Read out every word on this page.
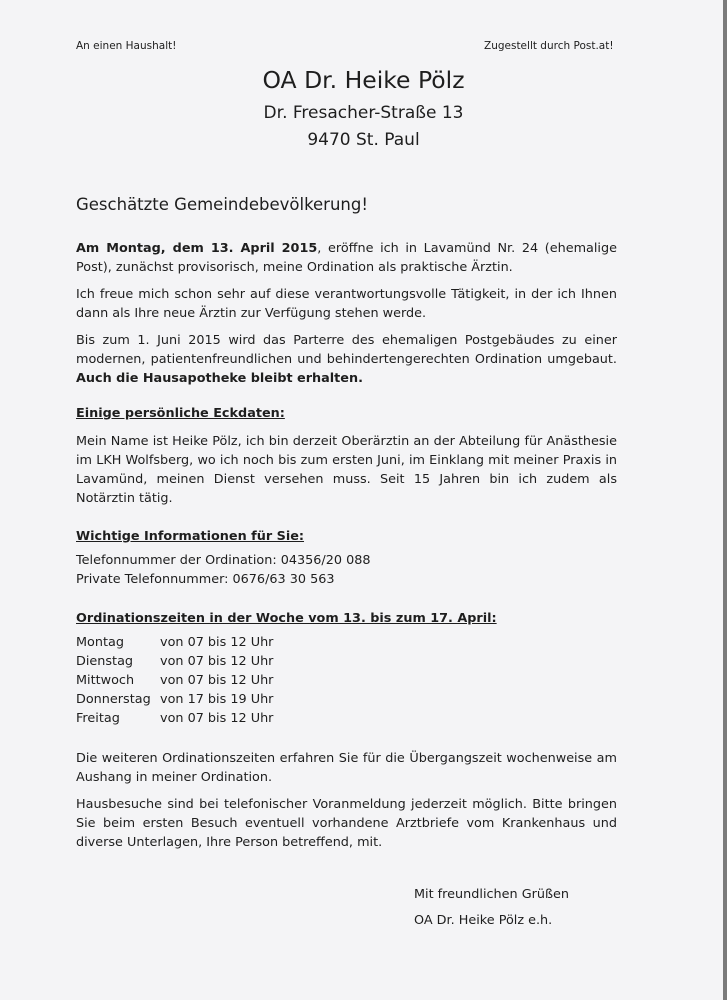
An einen Haushalt!	Zugestellt durch Post.at!
OA Dr. Heike Pölz
Dr. Fresacher-Straße 13
9470 St. Paul
Geschätzte Gemeindebevölkerung!
Am Montag, dem 13. April 2015, eröffne ich in Lavamünd Nr. 24 (ehemalige Post), zunächst provisorisch, meine Ordination als praktische Ärztin.
Ich freue mich schon sehr auf diese verantwortungsvolle Tätigkeit, in der ich Ihnen dann als Ihre neue Ärztin zur Verfügung stehen werde.
Bis zum 1. Juni 2015 wird das Parterre des ehemaligen Postgebäudes zu einer modernen, patientenfreundlichen und behindertengerechten Ordination umgebaut. Auch die Hausapotheke bleibt erhalten.
Einige persönliche Eckdaten:
Mein Name ist Heike Pölz, ich bin derzeit Oberärztin an der Abteilung für Anästhesie im LKH Wolfsberg, wo ich noch bis zum ersten Juni, im Einklang mit meiner Praxis in Lavamünd, meinen Dienst versehen muss. Seit 15 Jahren bin ich zudem als Notärztin tätig.
Wichtige Informationen für Sie:
Telefonnummer der Ordination: 04356/20 088
Private Telefonnummer: 0676/63 30 563
Ordinationszeiten in der Woche vom 13. bis zum 17. April:
Montag	von 07 bis 12 Uhr
Dienstag	von 07 bis 12 Uhr
Mittwoch	von 07 bis 12 Uhr
Donnerstag von 17 bis 19 Uhr
Freitag	von 07 bis 12 Uhr
Die weiteren Ordinationszeiten erfahren Sie für die Übergangszeit wochenweise am Aushang in meiner Ordination.
Hausbesuche sind bei telefonischer Voranmeldung jederzeit möglich. Bitte bringen Sie beim ersten Besuch eventuell vorhandene Arztbriefe vom Krankenhaus und diverse Unterlagen, Ihre Person betreffend, mit.
Mit freundlichen Grüßen
OA Dr. Heike Pölz e.h.
